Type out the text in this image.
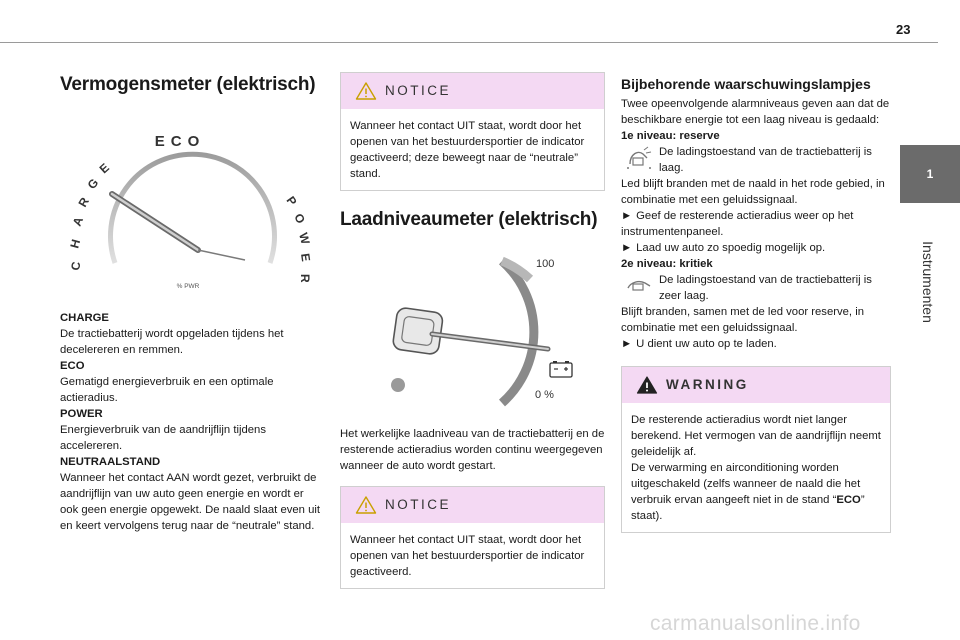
23
1
Instrumenten
Vermogensmeter (elektrisch)
ECO
C
H
A
R
G
E
P
O
W
E
R
% PWR

CHARGE

De tractiebatterij wordt opgeladen tijdens het decelereren en remmen.

ECO

Gematigd energieverbruik en een optimale actieradius.

POWER

Energieverbruik van de aandrijflijn tijdens accelereren.

NEUTRAALSTAND

Wanneer het contact AAN wordt gezet, verbruikt de aandrijflijn van uw auto geen energie en wordt er ook geen energie opgewekt. De naald slaat even uit en keert vervolgens terug naar de “neutrale” stand.

NOTICE

Wanneer het contact UIT staat, wordt door het openen van het bestuurdersportier de indicator geactiveerd; deze beweegt naar de “neutrale” stand.

Laadniveaumeter (elektrisch)
100
0 %

Het werkelijke laadniveau van de tractiebatterij en de resterende actieradius worden continu weergegeven wanneer de auto wordt gestart.

NOTICE

Wanneer het contact UIT staat, wordt door het openen van het bestuurdersportier de indicator geactiveerd.

Bijbehorende waarschuwingslampjes

Twee opeenvolgende alarmniveaus geven aan dat de beschikbare energie tot een laag niveau is gedaald:

1e niveau: reserve

De ladingstoestand van de tractiebatterij is laag.

Led blijft branden met de naald in het rode gebied, in combinatie met een geluidssignaal.

► Geef de resterende actieradius weer op het instrumentenpaneel.

► Laad uw auto zo spoedig mogelijk op.

2e niveau: kritiek

De ladingstoestand van de tractiebatterij is zeer laag.

Blijft branden, samen met de led voor reserve, in combinatie met een geluidssignaal.

► U dient uw auto op te laden.

WARNING

De resterende actieradius wordt niet langer berekend. Het vermogen van de aandrijflijn neemt geleidelijk af.

De verwarming en airconditioning worden uitgeschakeld (zelfs wanneer de naald die het verbruik ervan aangeeft niet in de stand “ECO” staat).

carmanualsonline.info
